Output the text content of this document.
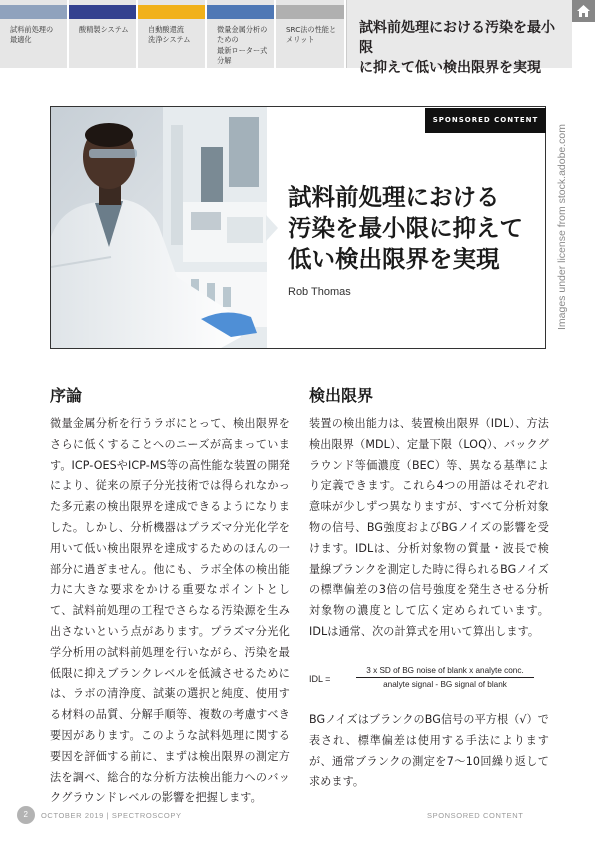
試料前処理の
最適化
酸精製システム	自動酸還流
洗浄システム
微量金属分析の
ための
最新ローター式
分解
SRC法の性能と
メリット
試料前処理における汚染を最小限
に抑えて低い検出限界を実現
SPONSORED CONTENT
試料前処理における
汚染を最小限に抑えて
低い検出限界を実現
Rob Thomas	Images under license from stock.adobe.com
序論
微量金属分析を行うラボにとって、検出限界をさらに低くすることへのニーズが高まっています。ICP-OESやICP-MS等の高性能な装置の開発により、従来の原子分光技術では得られなかった多元素の検出限界を達成できるようになりました。しかし、分析機器はプラズマ分光化学を用いて低い検出限界を達成するためのほんの一部分に過ぎません。他にも、ラボ全体の検出能力に大きな要求をかける重要なポイントとして、試料前処理の工程でさらなる汚染源を生み出さないという点があります。プラズマ分光化学分析用の試料前処理を行いながら、汚染を最低限に抑えブランクレベルを低減させるためには、ラボの清浄度、試薬の選択と純度、使用する材料の品質、分解手順等、複数の考慮すべき要因があります。このような試料処理に関する要因を評価する前に、まずは検出限界の測定方法を調べ、総合的な分析方法検出能力へのバックグラウンドレベルの影響を把握します。
検出限界
装置の検出能力は、装置検出限界（IDL）、方法検出限界（MDL）、定量下限（LOQ）、バックグラウンド等価濃度（BEC）等、異なる基準により定義できます。これら4つの用語はそれぞれ意味が少しずつ異なりますが、すべて分析対象物の信号、BG強度およびBGノイズの影響を受けます。IDLは、分析対象物の質量・波長で検量線ブランクを測定した時に得られるBGノイズの標準偏差の3倍の信号強度を発生させる分析対象物の濃度として広く定められています。IDLは通常、次の計算式を用いて算出します。
IDL =
3 x SD of BG noise of blank x analyte conc.
analyte signal - BG signal of blank
BGノイズはブランクのBG信号の平方根（√）で表され、標準偏差は使用する手法によりますが、通常ブランクの測定を7～10回繰り返して求めます。
2	OCTOBER 2019 | SPECTROSCOPY	SPONSORED CONTENT
